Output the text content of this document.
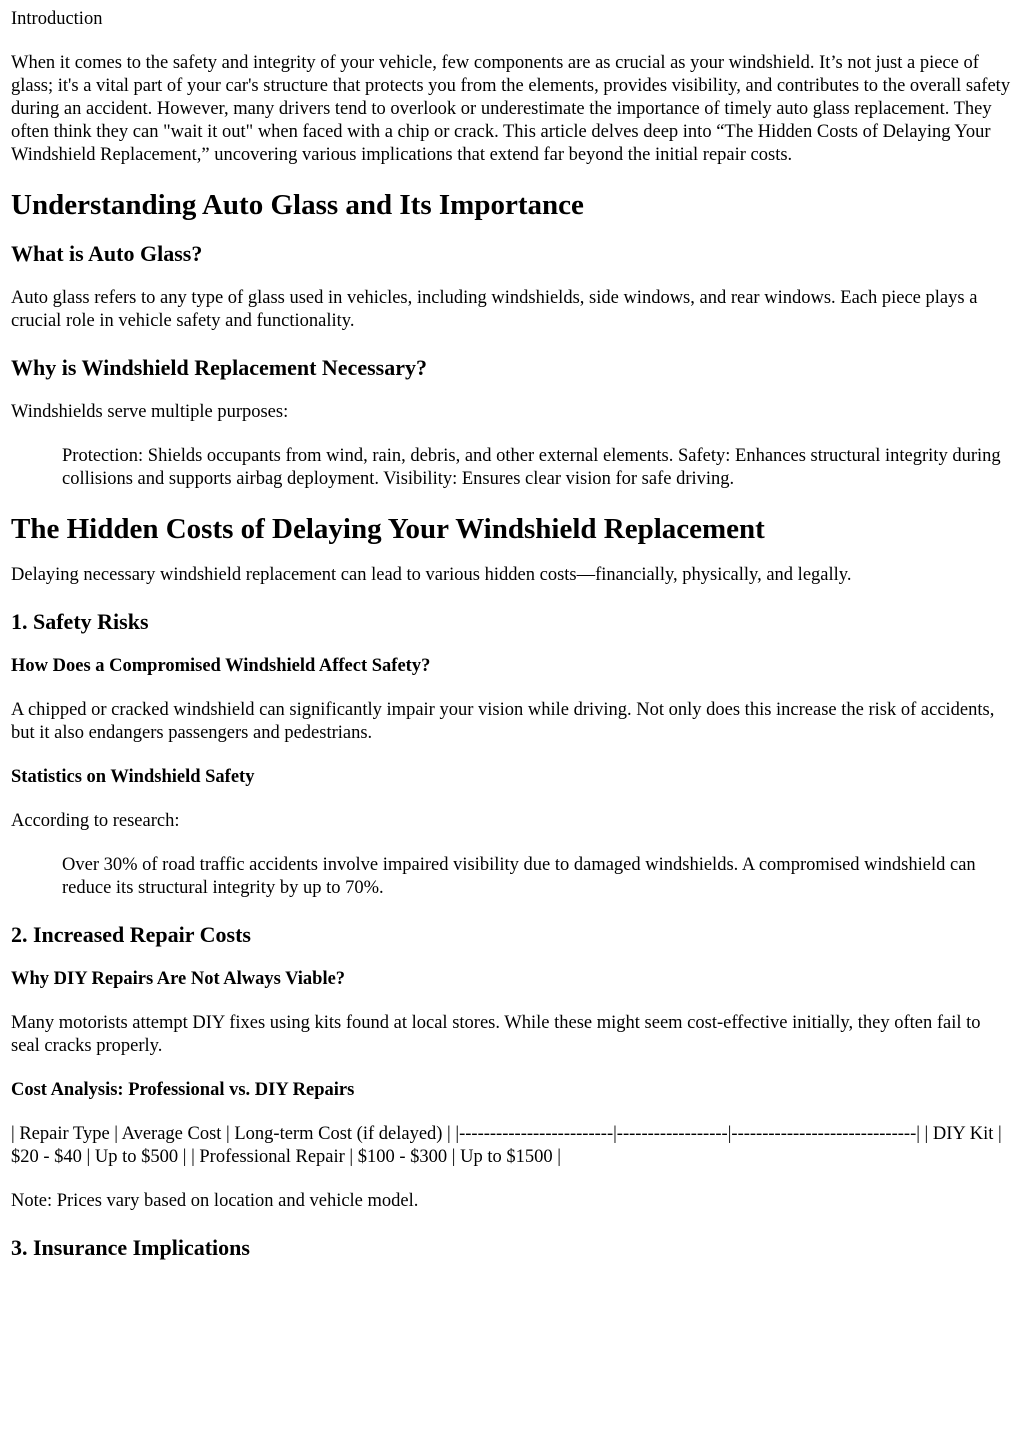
Introduction

When it comes to the safety and integrity of your vehicle, few components are as crucial as your windshield. It’s not just a piece of glass; it's a vital part of your car's structure that protects you from the elements, provides visibility, and contributes to the overall safety during an accident. However, many drivers tend to overlook or underestimate the importance of timely auto glass replacement. They often think they can "wait it out" when faced with a chip or crack. This article delves deep into “The Hidden Costs of Delaying Your Windshield Replacement,” uncovering various implications that extend far beyond the initial repair costs.

Understanding Auto Glass and Its Importance
What is Auto Glass?

Auto glass refers to any type of glass used in vehicles, including windshields, side windows, and rear windows. Each piece plays a crucial role in vehicle safety and functionality.

Why is Windshield Replacement Necessary?

Windshields serve multiple purposes:

Protection: Shields occupants from wind, rain, debris, and other external elements. Safety: Enhances structural integrity during collisions and supports airbag deployment. Visibility: Ensures clear vision for safe driving.
The Hidden Costs of Delaying Your Windshield Replacement

Delaying necessary windshield replacement can lead to various hidden costs—financially, physically, and legally.

1. Safety Risks
How Does a Compromised Windshield Affect Safety?

A chipped or cracked windshield can significantly impair your vision while driving. Not only does this increase the risk of accidents, but it also endangers passengers and pedestrians.

Statistics on Windshield Safety

According to research:

Over 30% of road traffic accidents involve impaired visibility due to damaged windshields. A compromised windshield can reduce its structural integrity by up to 70%.
2. Increased Repair Costs
Why DIY Repairs Are Not Always Viable?

Many motorists attempt DIY fixes using kits found at local stores. While these might seem cost-effective initially, they often fail to seal cracks properly.

Cost Analysis: Professional vs. DIY Repairs

| Repair Type | Average Cost | Long-term Cost (if delayed) | |-------------------------|------------------|------------------------------| | DIY Kit | $20 - $40 | Up to $500 | | Professional Repair | $100 - $300 | Up to $1500 |

Note: Prices vary based on location and vehicle model.

3. Insurance Implications
